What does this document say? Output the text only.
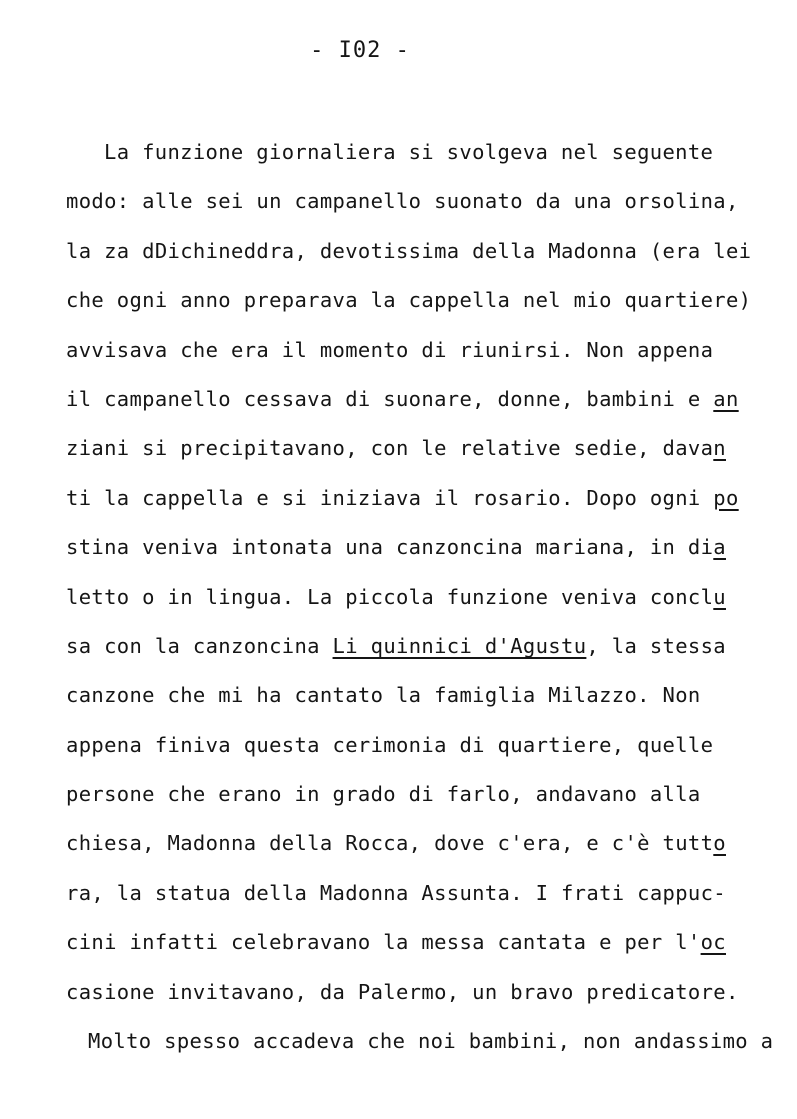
- I02 -
La funzione giornaliera si svolgeva nel seguente
modo: alle sei un campanello suonato da una orsolina,
la za dDichineddra, devotissima della Madonna (era lei
che ogni anno preparava la cappella nel mio quartiere)
avvisava che era il momento di riunirsi. Non appena
il campanello cessava di suonare, donne, bambini e an
ziani si precipitavano, con le relative sedie, davan
ti la cappella e si iniziava il rosario. Dopo ogni po
stina veniva intonata una canzoncina mariana, in dia
letto o in lingua. La piccola funzione veniva conclu
sa con la canzoncina Li quinnici d'Agustu, la stessa
canzone che mi ha cantato la famiglia Milazzo. Non
appena finiva questa cerimonia di quartiere, quelle
persone che erano in grado di farlo, andavano alla
chiesa, Madonna della Rocca, dove c'era, e c'è tutto
ra, la statua della Madonna Assunta. I frati cappuc-
cini infatti celebravano la messa cantata e per l'oc
casione invitavano, da Palermo, un bravo predicatore.
Molto spesso accadeva che noi bambini, non andassimo a
